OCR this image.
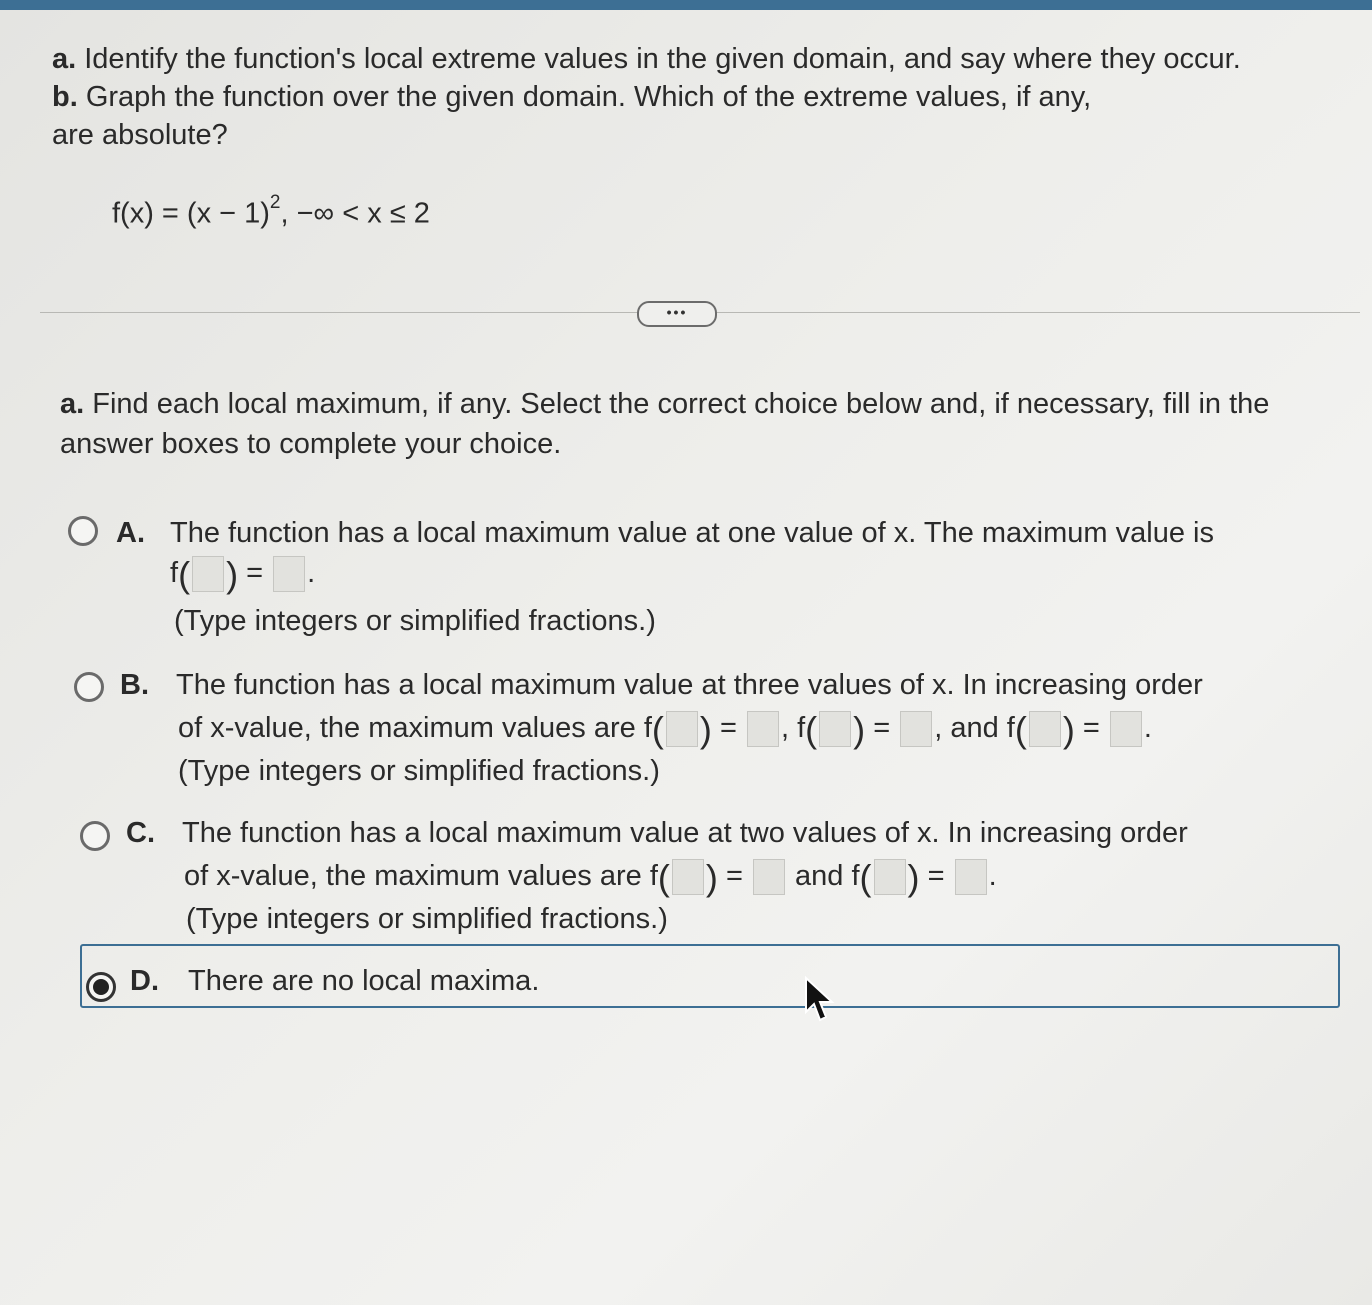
a. Identify the function's local extreme values in the given domain, and say where they occur.
b. Graph the function over the given domain. Which of the extreme values, if any,
are absolute?
$f(x) = (x - 1)^2$, −∞ < x ≤ 2
•••
a. Find each local maximum, if any. Select the correct choice below and, if necessary, fill in the answer boxes to complete your choice.
A. The function has a local maximum value at one value of x. The maximum value is
f( ) = .
(Type integers or simplified fractions.)
B. The function has a local maximum value at three values of x. In increasing order
of x-value, the maximum values are f( ) = , f( ) = , and f( ) = .
(Type integers or simplified fractions.)
C. The function has a local maximum value at two values of x. In increasing order
of x-value, the maximum values are f( ) = and f( ) = .
(Type integers or simplified fractions.)
D. There are no local maxima.
